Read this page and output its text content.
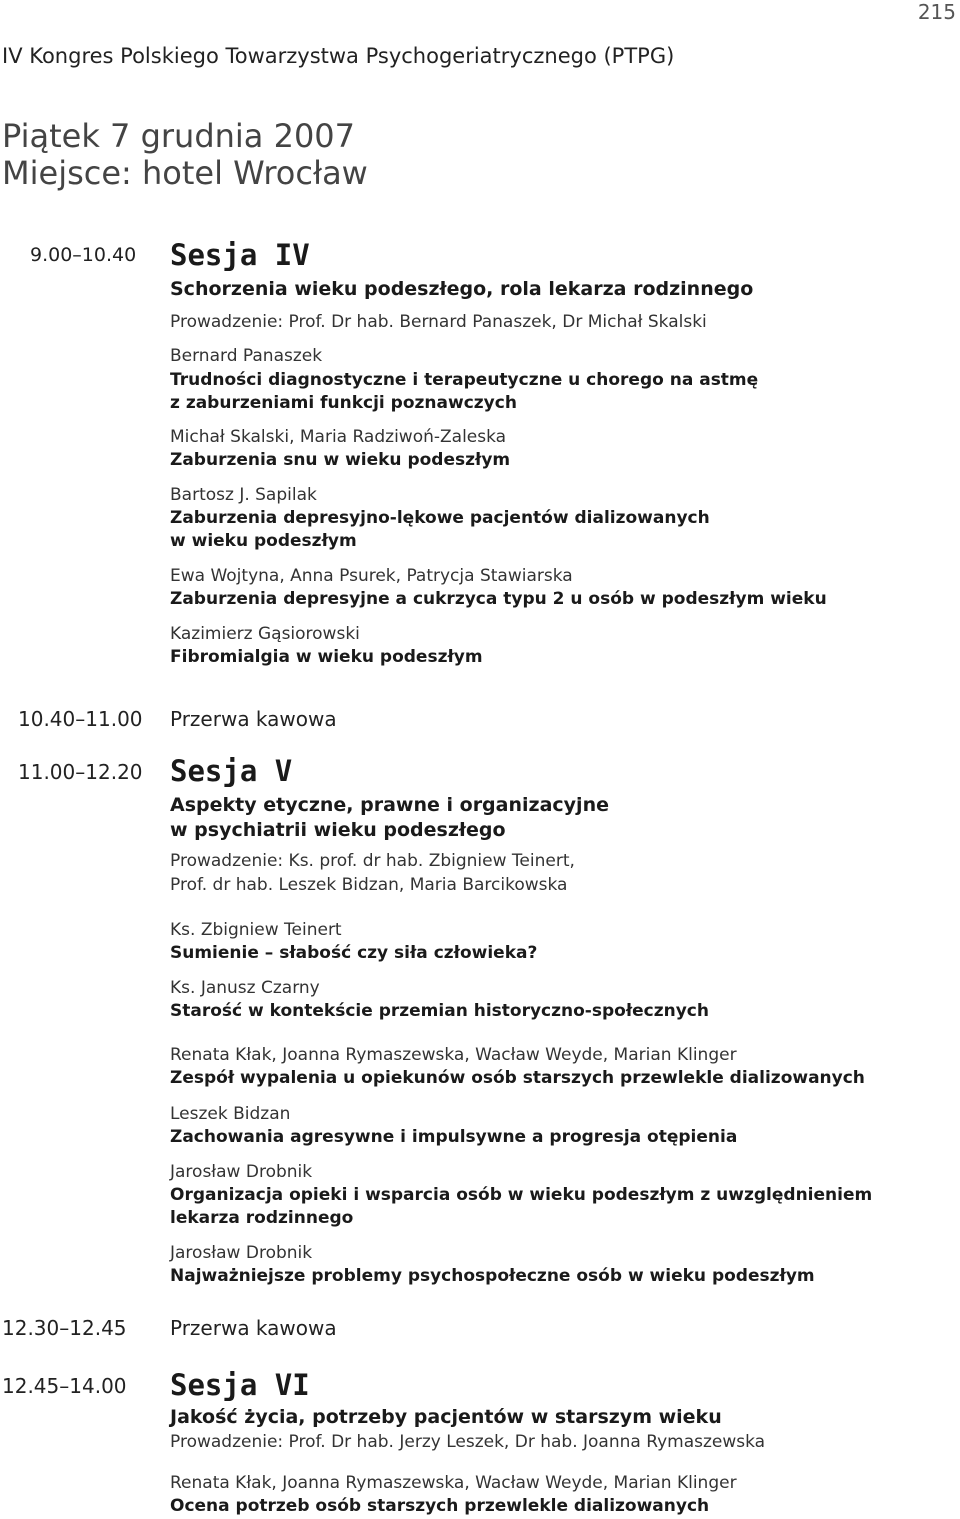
215
IV Kongres Polskiego Towarzystwa Psychogeriatrycznego (PTPG)
Piątek 7 grudnia 2007
Miejsce: hotel Wrocław
9.00–10.40 Sesja IV
Schorzenia wieku podeszłego, rola lekarza rodzinnego
Prowadzenie: Prof. Dr hab. Bernard Panaszek, Dr Michał Skalski
Bernard Panaszek
Trudności diagnostyczne i terapeutyczne u chorego na astmę
z zaburzeniami funkcji poznawczych
Michał Skalski, Maria Radziwoń-Zaleska
Zaburzenia snu w wieku podeszłym
Bartosz J. Sapilak
Zaburzenia depresyjno-lękowe pacjentów dializowanych
w wieku podeszłym
Ewa Wojtyna, Anna Psurek, Patrycja Stawiarska
Zaburzenia depresyjne a cukrzyca typu 2 u osób w podeszłym wieku
Kazimierz Gąsiorowski
Fibromialgia w wieku podeszłym
10.40–11.00 Przerwa kawowa
11.00–12.20 Sesja V
Aspekty etyczne, prawne i organizacyjne
w psychiatrii wieku podeszłego
Prowadzenie: Ks. prof. dr hab. Zbigniew Teinert,
Prof. dr hab. Leszek Bidzan, Maria Barcikowska
Ks. Zbigniew Teinert
Sumienie – słabość czy siła człowieka?
Ks. Janusz Czarny
Starość w kontekście przemian historyczno-społecznych
Renata Kłak, Joanna Rymaszewska, Wacław Weyde, Marian Klinger
Zespół wypalenia u opiekunów osób starszych przewlekle dializowanych
Leszek Bidzan
Zachowania agresywne i impulsywne a progresja otępienia
Jarosław Drobnik
Organizacja opieki i wsparcia osób w wieku podeszłym z uwzględnieniem
lekarza rodzinnego
Jarosław Drobnik
Najważniejsze problemy psychospołeczne osób w wieku podeszłym
12.30–12.45 Przerwa kawowa
12.45–14.00 Sesja VI
Jakość życia, potrzeby pacjentów w starszym wieku
Prowadzenie: Prof. Dr hab. Jerzy Leszek, Dr hab. Joanna Rymaszewska
Renata Kłak, Joanna Rymaszewska, Wacław Weyde, Marian Klinger
Ocena potrzeb osób starszych przewlekle dializowanych
